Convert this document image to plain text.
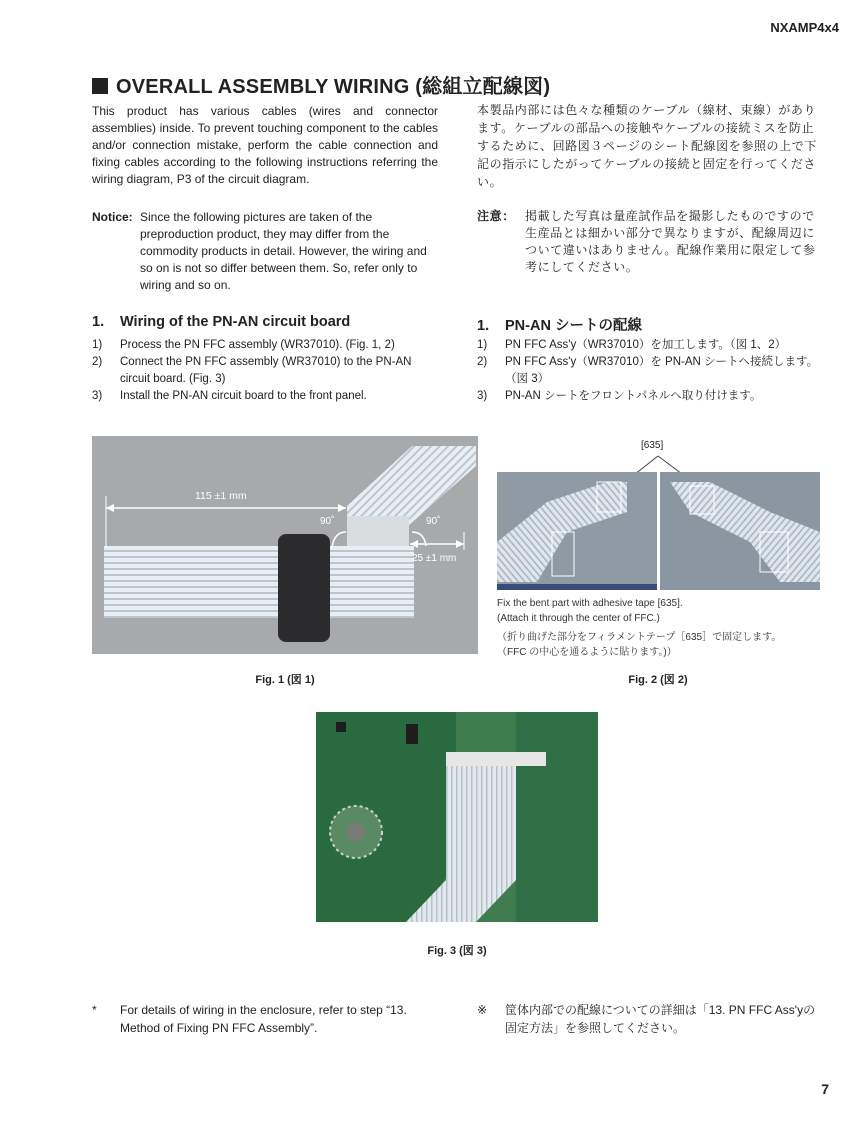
NXAMP4x4
OVERALL ASSEMBLY WIRING (総組立配線図)
This product has various cables (wires and connector assemblies) inside. To prevent touching component to the cables and/or connection mistake, perform the cable connection and fixing cables according to the following instructions referring the wiring diagram, P3 of the circuit diagram.
本製品内部には色々な種類のケーブル（線材、束線）があります。ケーブルの部品への接触やケーブルの接続ミスを防止するために、回路図３ページのシート配線図を参照の上で下記の指示にしたがってケーブルの接続と固定を行ってください。
Notice: Since the following pictures are taken of the preproduction product, they may differ from the commodity products in detail. However, the wiring and so on is not so differ between them. So, refer only to wiring and so on.
注意： 掲載した写真は量産試作品を撮影したものですので生産品とは細かい部分で異なりますが、配線周辺について違いはありません。配線作業用に限定して参考にしてください。
1. Wiring of the PN-AN circuit board	1. PN-AN シートの配線
1)	Process the PN FFC assembly (WR37010). (Fig. 1, 2)
2)	Connect the PN FFC assembly (WR37010) to the PN-AN circuit board. (Fig. 3)
3)	Install the PN-AN circuit board to the front panel.
1)	PN FFC Ass'y（WR37010）を加工します。（図 1、2）
2)	PN FFC Ass'y（WR37010）を PN-AN シートへ接続します。（図 3）
3)	PN-AN シートをフロントパネルへ取り付けます。
115 ±1 mm
90˚	90˚
25 ±1 mm
Fig. 1 (図 1)
[635]
Fix the bent part with adhesive tape [635].
(Attach it through the center of FFC.)
（折り曲げた部分をフィラメントテープ［635］で固定します。
（FFC の中心を通るように貼ります。)）
Fig. 2 (図 2)
Fig. 3 (図 3)
*	For details of wiring in the enclosure, refer to step “13. Method of Fixing PN FFC Assembly”.
※	筐体内部での配線についての詳細は「13. PN FFC Ass'yの固定方法」を参照してください。
7
